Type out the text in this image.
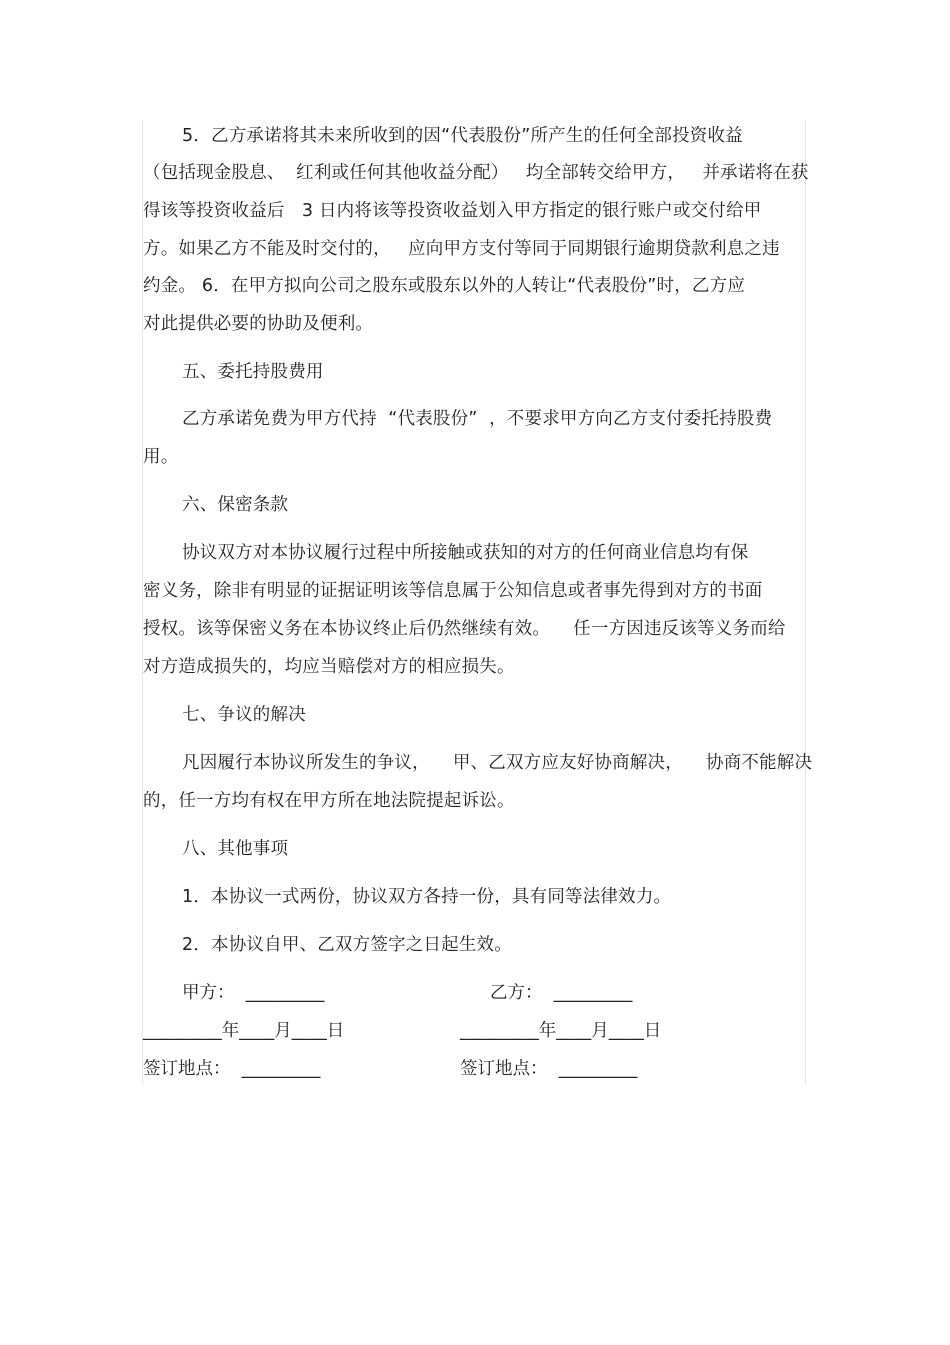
5．乙方承诺将其未来所收到的因“代表股份”所产生的任何全部投资收益
（包括现金股息、  红利或任何其他收益分配）   均全部转交给甲方，   并承诺将在获
得该等投资收益后   3 日内将该等投资收益划入甲方指定的银行账户或交付给甲
方。如果乙方不能及时交付的，   应向甲方支付等同于同期银行逾期贷款利息之违
约金。 6．在甲方拟向公司之股东或股东以外的人转让“代表股份”时，乙方应
对此提供必要的协助及便利。
五、委托持股费用
乙方承诺免费为甲方代持  “代表股份”  ，不要求甲方向乙方支付委托持股费
用。
六、保密条款
协议双方对本协议履行过程中所接触或获知的对方的任何商业信息均有保
密义务，除非有明显的证据证明该等信息属于公知信息或者事先得到对方的书面
授权。该等保密义务在本协议终止后仍然继续有效。    任一方因违反该等义务而给
对方造成损失的，均应当赔偿对方的相应损失。
七、争议的解决
凡因履行本协议所发生的争议，    甲、乙双方应友好协商解决，    协商不能解决
的，任一方均有权在甲方所在地法院提起诉讼。
八、其他事项
1．本协议一式两份，协议双方各持一份，具有同等法律效力。
2．本协议自甲、乙双方签字之日起生效。
甲方：  _________	乙方：  _________
_________年____月____日	_________年____月____日
签订地点：  _________	签订地点：  _________
